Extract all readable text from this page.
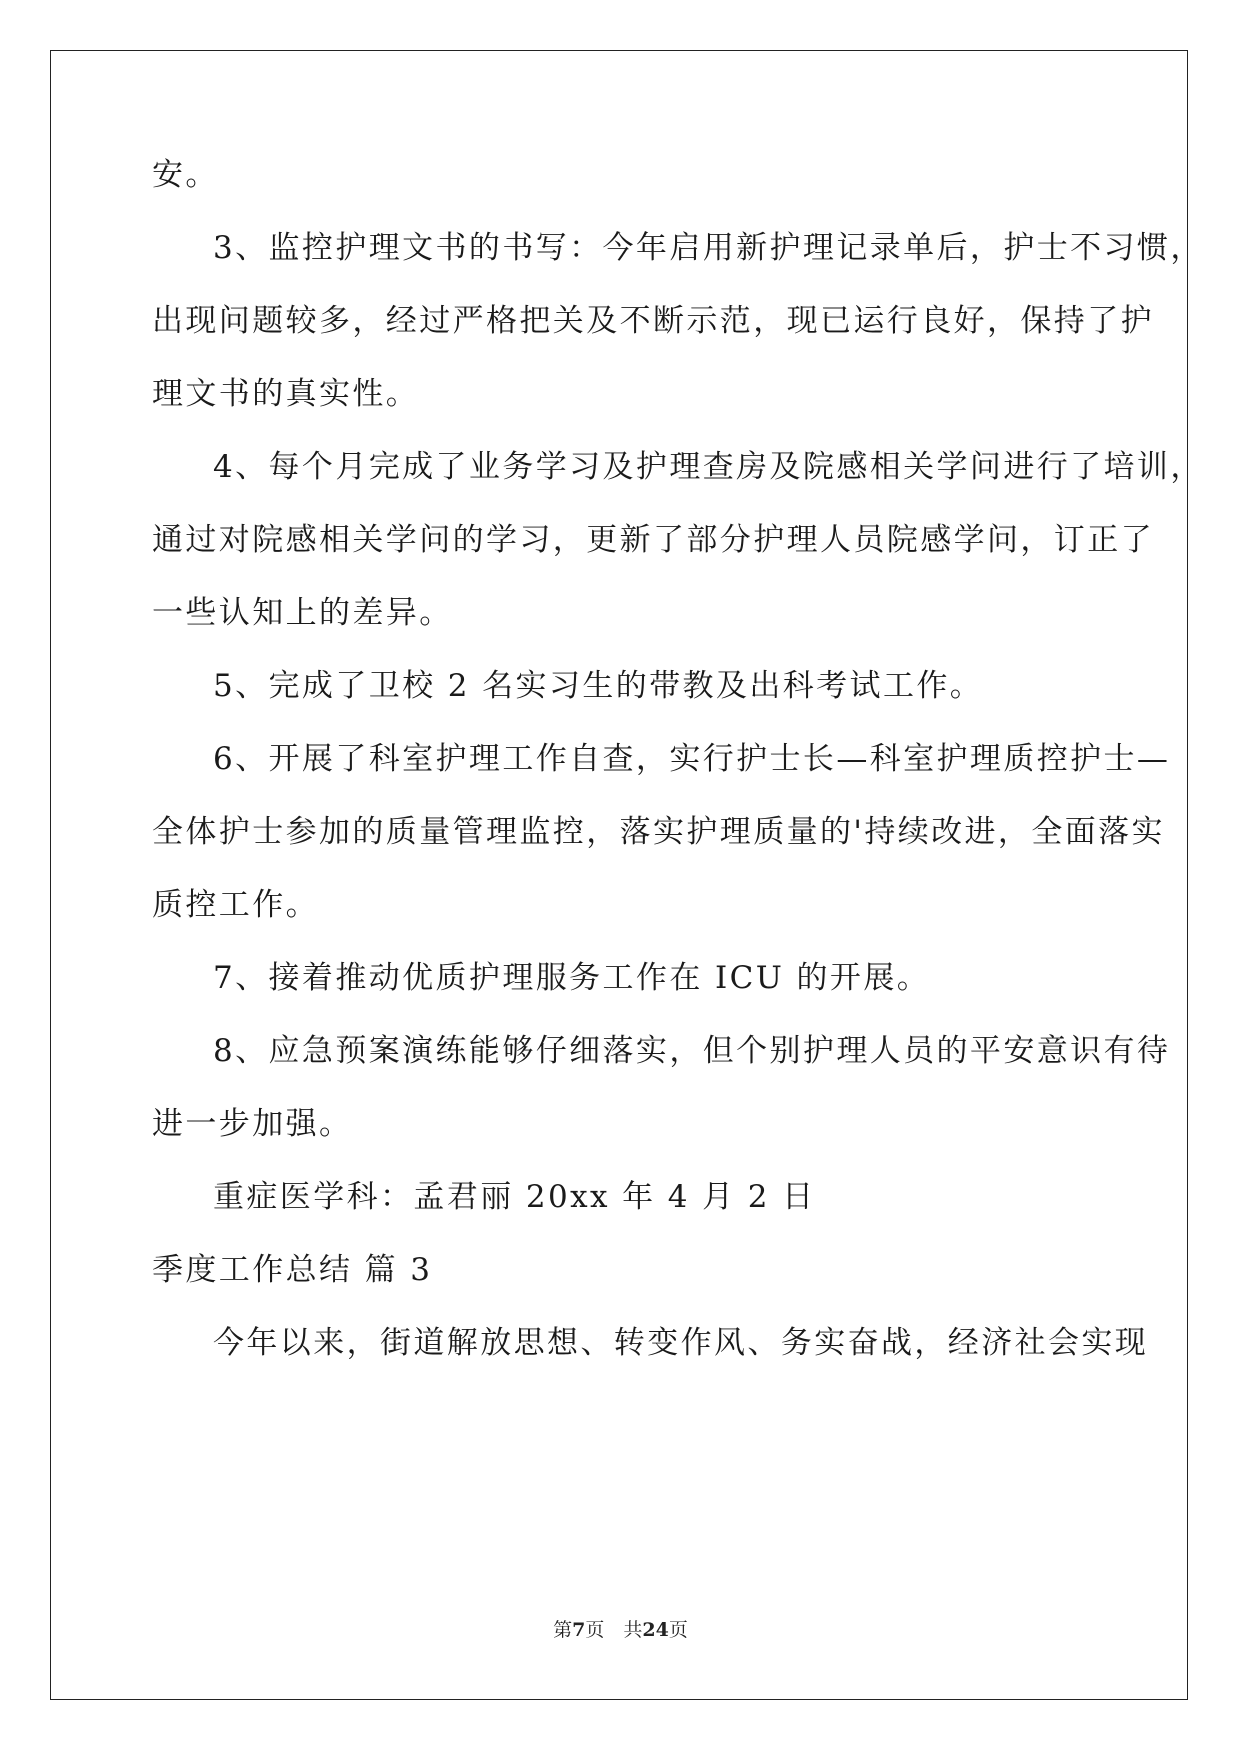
安。
3、监控护理文书的书写：今年启用新护理记录单后，护士不习惯，
出现问题较多，经过严格把关及不断示范，现已运行良好，保持了护
理文书的真实性。
4、每个月完成了业务学习及护理查房及院感相关学问进行了培训，
通过对院感相关学问的学习，更新了部分护理人员院感学问，订正了
一些认知上的差异。
5、完成了卫校 2 名实习生的带教及出科考试工作。
6、开展了科室护理工作自查，实行护士长—科室护理质控护士—
全体护士参加的质量管理监控，落实护理质量的'持续改进，全面落实
质控工作。
7、接着推动优质护理服务工作在 ICU 的开展。
8、应急预案演练能够仔细落实，但个别护理人员的平安意识有待
进一步加强。
重症医学科：孟君丽 20xx 年 4 月 2 日
季度工作总结 篇 3
今年以来，街道解放思想、转变作风、务实奋战，经济社会实现
第7页　共24页
